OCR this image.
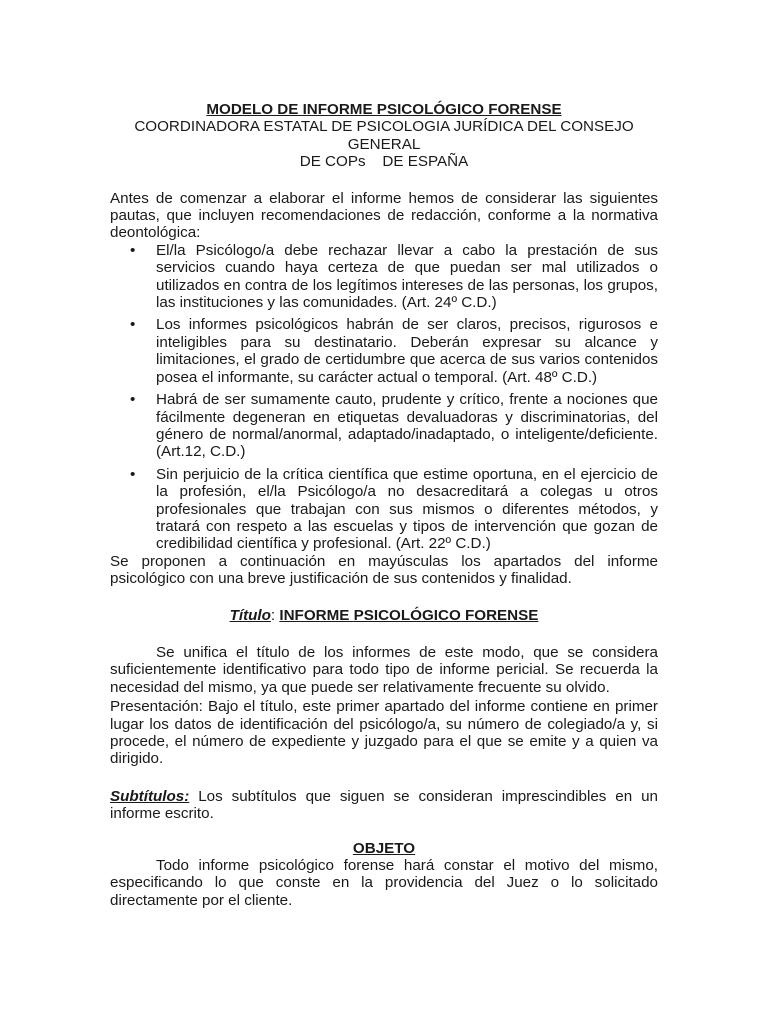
MODELO DE INFORME PSICOLÓGICO FORENSE
COORDINADORA ESTATAL DE PSICOLOGIA JURÍDICA DEL CONSEJO GENERAL
DE COPs    DE ESPAÑA

Antes de comenzar a elaborar el informe hemos de considerar las siguientes pautas, que incluyen recomendaciones de redacción, conforme a la normativa deontológica:

• El/la Psicólogo/a debe rechazar llevar a cabo la prestación de sus servicios cuando haya certeza de que puedan ser mal utilizados o utilizados en contra de los legítimos intereses de las personas, los grupos, las instituciones y las comunidades. (Art. 24º C.D.)
• Los informes psicológicos habrán de ser claros, precisos, rigurosos e inteligibles para su destinatario. Deberán expresar su alcance y limitaciones, el grado de certidumbre que acerca de sus varios contenidos posea el informante, su carácter actual o temporal. (Art. 48º C.D.)
• Habrá de ser sumamente cauto, prudente y crítico, frente a nociones que fácilmente degeneran en etiquetas devaluadoras y discriminatorias, del género de normal/anormal, adaptado/inadaptado, o inteligente/deficiente. (Art.12, C.D.)
• Sin perjuicio de la crítica científica que estime oportuna, en el ejercicio de la profesión, el/la Psicólogo/a no desacreditará a colegas u otros profesionales que trabajan con sus mismos o diferentes métodos, y tratará con respeto a las escuelas y tipos de intervención que gozan de credibilidad científica y profesional. (Art. 22º C.D.)

Se proponen a continuación en mayúsculas los apartados del informe psicológico con una breve justificación de sus contenidos y finalidad.

Título: INFORME PSICOLÓGICO FORENSE

Se unifica el título de los informes de este modo, que se considera suficientemente identificativo para todo tipo de informe pericial. Se recuerda la necesidad del mismo, ya que puede ser relativamente frecuente su olvido.

Presentación: Bajo el título, este primer apartado del informe contiene en primer lugar los datos de identificación del psicólogo/a, su número de colegiado/a y, si procede, el número de expediente y juzgado para el que se emite y a quien va dirigido.

Subtítulos: Los subtítulos que siguen se consideran imprescindibles en un informe escrito.

OBJETO

Todo informe psicológico forense hará constar el motivo del mismo, especificando lo que conste en la providencia del Juez o lo solicitado directamente por el cliente.
